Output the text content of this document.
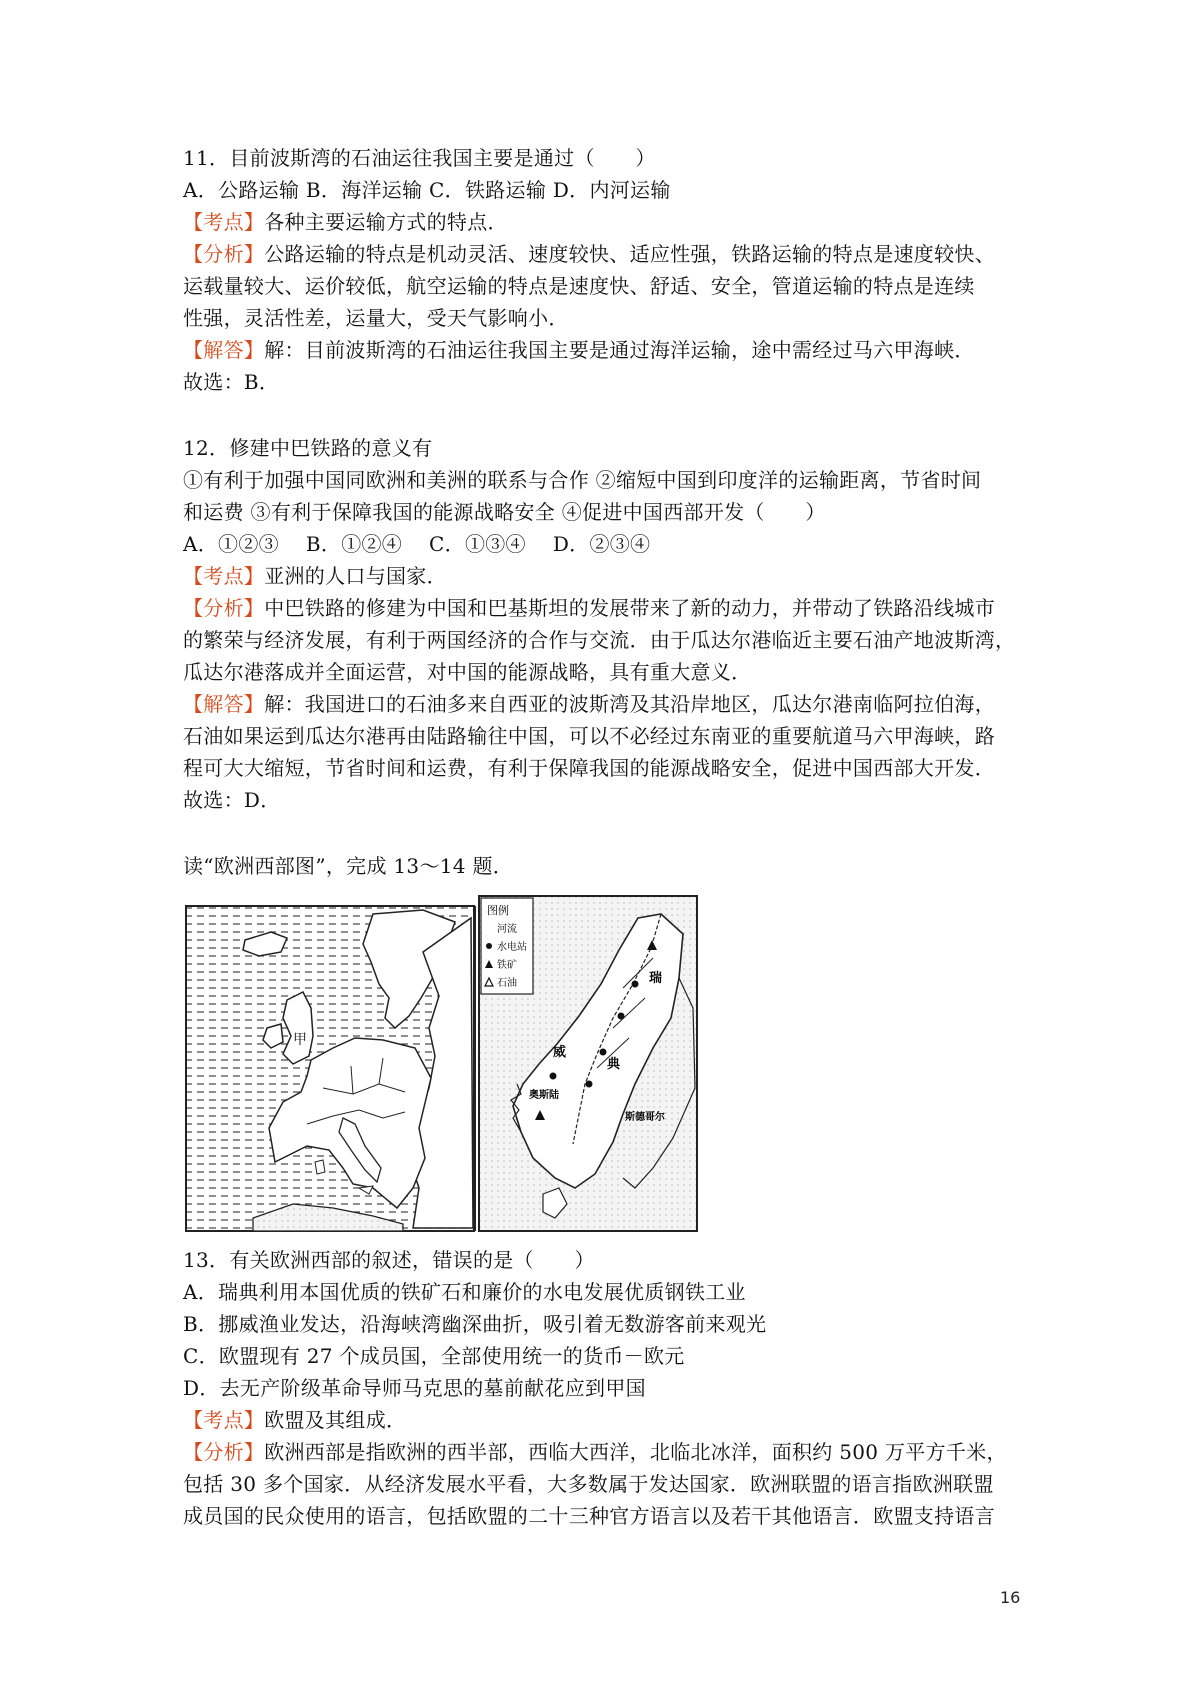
11．目前波斯湾的石油运往我国主要是通过（　　）
A．公路运输 B．海洋运输 C．铁路运输 D．内河运输
【考点】各种主要运输方式的特点．
【分析】公路运输的特点是机动灵活、速度较快、适应性强，铁路运输的特点是速度较快、
运载量较大、运价较低，航空运输的特点是速度快、舒适、安全，管道运输的特点是连续
性强，灵活性差，运量大，受天气影响小．
【解答】解：目前波斯湾的石油运往我国主要是通过海洋运输，途中需经过马六甲海峡．
故选：B．
12．修建中巴铁路的意义有
①有利于加强中国同欧洲和美洲的联系与合作 ②缩短中国到印度洋的运输距离，节省时间
和运费 ③有利于保障我国的能源战略安全 ④促进中国西部开发（　　）
A．①②③　 B．①②④　 C．①③④　 D．②③④
【考点】亚洲的人口与国家．
【分析】中巴铁路的修建为中国和巴基斯坦的发展带来了新的动力，并带动了铁路沿线城市
的繁荣与经济发展，有利于两国经济的合作与交流．由于瓜达尔港临近主要石油产地波斯湾，
瓜达尔港落成并全面运营，对中国的能源战略，具有重大意义．
【解答】解：我国进口的石油多来自西亚的波斯湾及其沿岸地区，瓜达尔港南临阿拉伯海，
石油如果运到瓜达尔港再由陆路输往中国，可以不必经过东南亚的重要航道马六甲海峡，路
程可大大缩短，节省时间和运费，有利于保障我国的能源战略安全，促进中国西部大开发．
故选：D．
读“欧洲西部图”，完成 13～14 题．
甲
图例
河流
水电站
铁矿
石油	瑞
威
典
奥斯陆
斯德哥尔
13．有关欧洲西部的叙述，错误的是（　　）
A．瑞典利用本国优质的铁矿石和廉价的水电发展优质钢铁工业
B．挪威渔业发达，沿海峡湾幽深曲折，吸引着无数游客前来观光
C．欧盟现有 27 个成员国，全部使用统一的货币－欧元
D．去无产阶级革命导师马克思的墓前献花应到甲国
【考点】欧盟及其组成．
【分析】欧洲西部是指欧洲的西半部，西临大西洋，北临北冰洋，面积约 500 万平方千米，
包括 30 多个国家．从经济发展水平看，大多数属于发达国家．欧洲联盟的语言指欧洲联盟
成员国的民众使用的语言，包括欧盟的二十三种官方语言以及若干其他语言．欧盟支持语言
16
